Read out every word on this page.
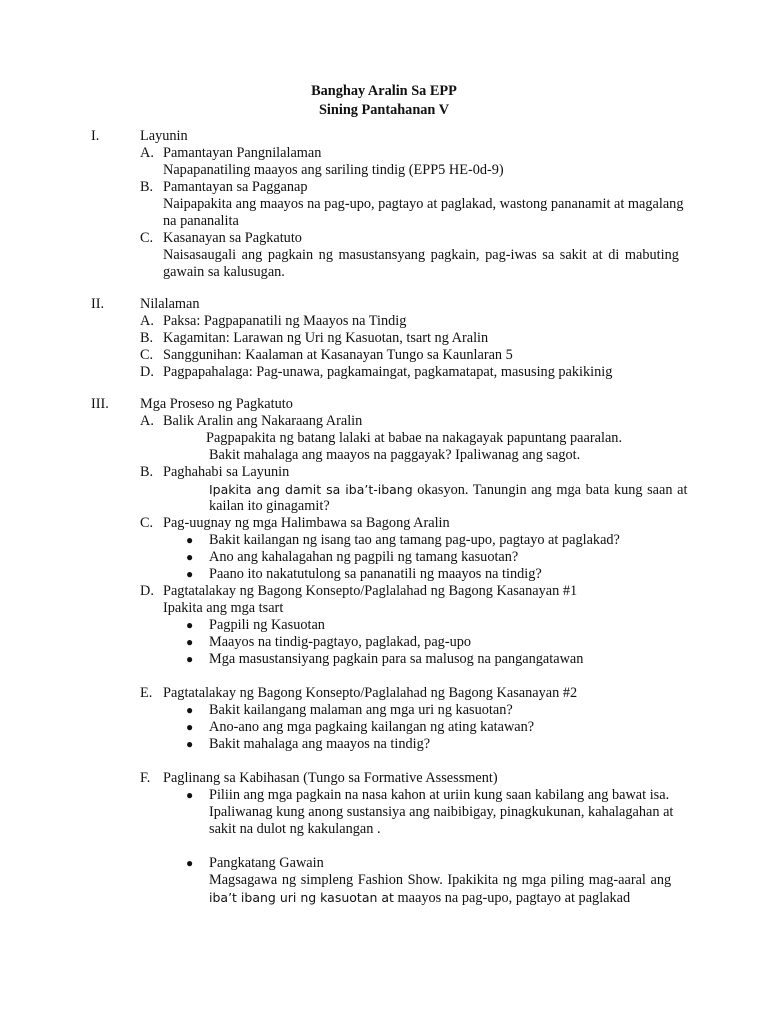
Banghay Aralin Sa EPP
Sining Pantahanan V
I.	Layunin
A. Pamantayan Pangnilalaman
Napapanatiling maayos ang sariling tindig (EPP5 HE-0d-9)
B. Pamantayan sa Pagganap
Naipapakita ang maayos na pag-upo, pagtayo at paglakad, wastong pananamit at magalang
na pananalita
C. Kasanayan sa Pagkatuto
Naisasaugali ang pagkain ng masustansyang pagkain, pag-iwas sa sakit at di mabuting
gawain sa kalusugan.
II.	Nilalaman
A. Paksa: Pagpapanatili ng Maayos na Tindig
B. Kagamitan: Larawan ng Uri ng Kasuotan, tsart ng Aralin
C. Sanggunihan: Kaalaman at Kasanayan Tungo sa Kaunlaran 5
D. Pagpapahalaga: Pag-unawa, pagkamaingat, pagkamatapat, masusing pakikinig
III. Mga Proseso ng Pagkatuto
A. Balik Aralin ang Nakaraang Aralin
Pagpapakita ng batang lalaki at babae na nakagayak papuntang paaralan.
Bakit mahalaga ang maayos na paggayak? Ipaliwanag ang sagot.
B. Paghahabi sa Layunin
Ipakita ang damit sa iba’t-ibang okasyon. Tanungin ang mga bata kung saan at
kailan ito ginagamit?
C. Pag-uugnay ng mga Halimbawa sa Bagong Aralin
● Bakit kailangan ng isang tao ang tamang pag-upo, pagtayo at paglakad?
● Ano ang kahalagahan ng pagpili ng tamang kasuotan?
● Paano ito nakatutulong sa pananatili ng maayos na tindig?
D. Pagtatalakay ng Bagong Konsepto/Paglalahad ng Bagong Kasanayan #1
Ipakita ang mga tsart
● Pagpili ng Kasuotan
● Maayos na tindig-pagtayo, paglakad, pag-upo
● Mga masustansiyang pagkain para sa malusog na pangangatawan
E. Pagtatalakay ng Bagong Konsepto/Paglalahad ng Bagong Kasanayan #2
● Bakit kailangang malaman ang mga uri ng kasuotan?
● Ano-ano ang mga pagkaing kailangan ng ating katawan?
● Bakit mahalaga ang maayos na tindig?
F. Paglinang sa Kabihasan (Tungo sa Formative Assessment)
● Piliin ang mga pagkain na nasa kahon at uriin kung saan kabilang ang bawat isa.
Ipaliwanag kung anong sustansiya ang naibibigay, pinagkukunan, kahalagahan at
sakit na dulot ng kakulangan .
● Pangkatang Gawain
Magsagawa ng simpleng Fashion Show. Ipakikita ng mga piling mag-aaral ang
iba’t ibang uri ng kasuotan at maayos na pag-upo, pagtayo at paglakad
